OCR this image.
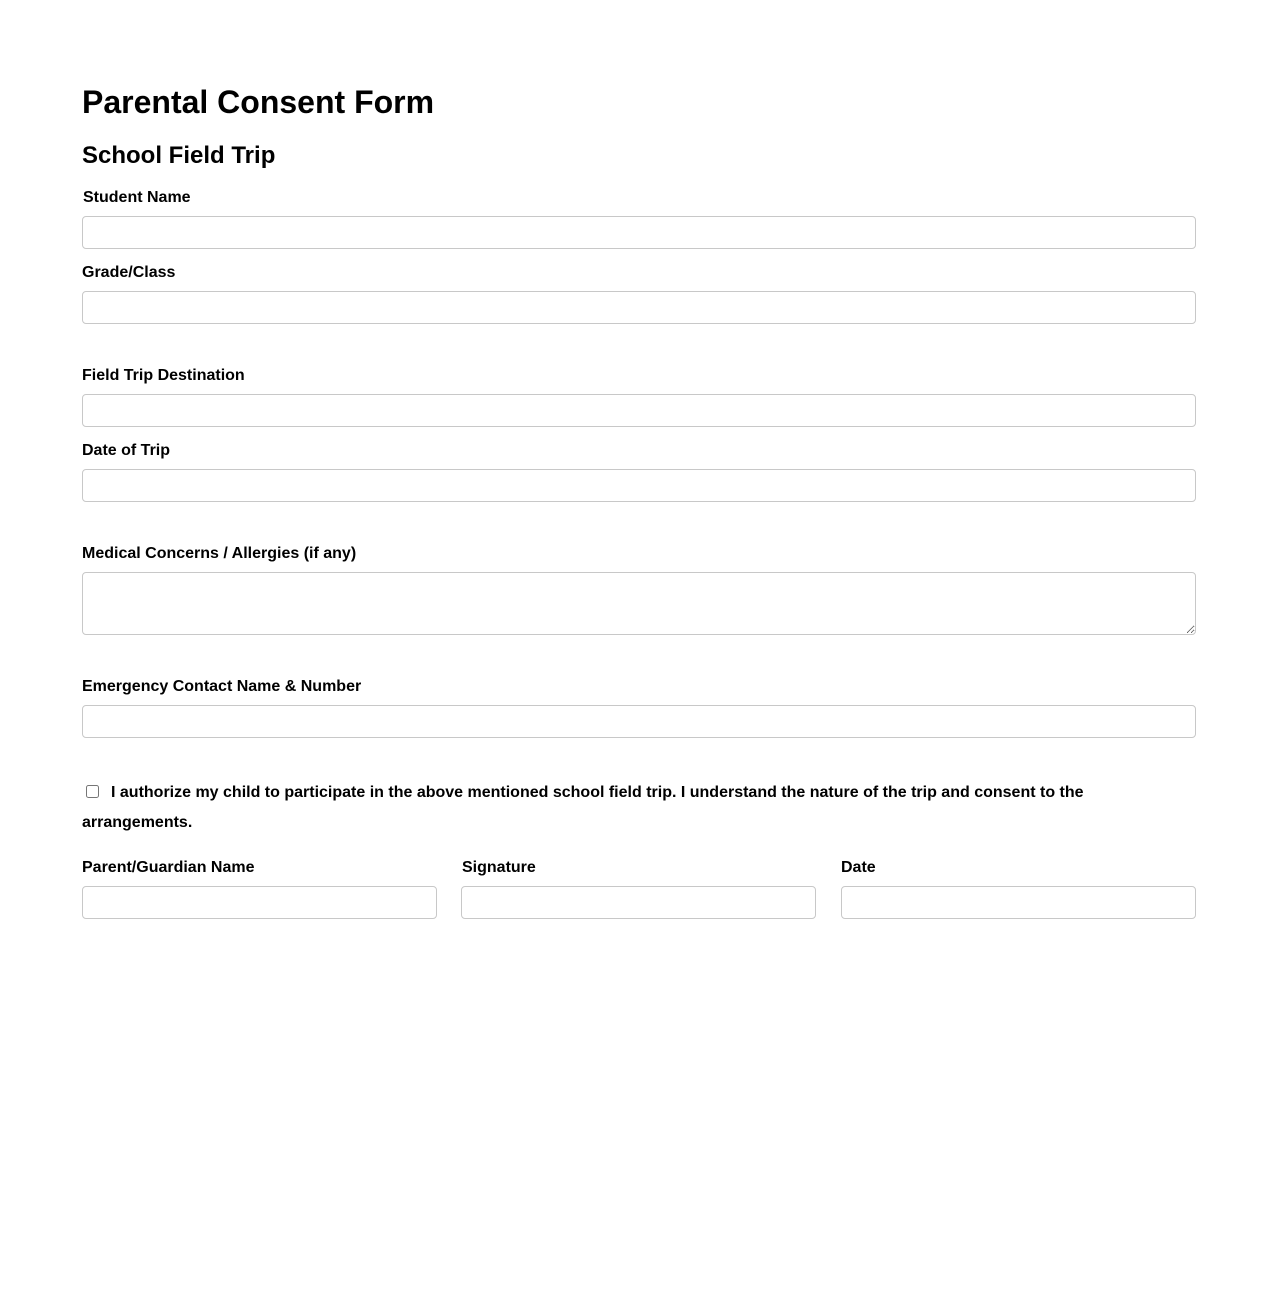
Parental Consent Form
School Field Trip
Student Name
Grade/Class
Field Trip Destination
Date of Trip
Medical Concerns / Allergies (if any)
Emergency Contact Name & Number
I authorize my child to participate in the above mentioned school field trip. I understand the nature of the trip and consent to the arrangements.
Parent/Guardian Name	Signature	Date
